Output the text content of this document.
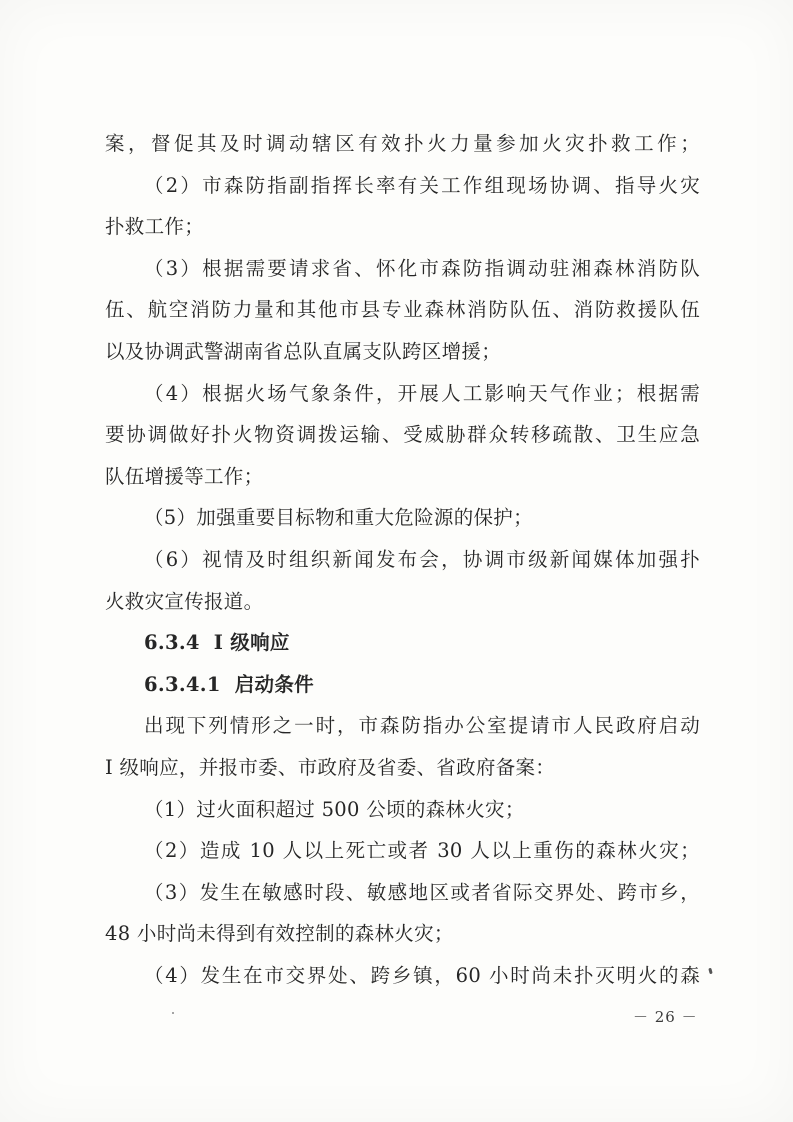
案，督促其及时调动辖区有效扑火力量参加火灾扑救工作；
（2）市森防指副指挥长率有关工作组现场协调、指导火灾
扑救工作；
（3）根据需要请求省、怀化市森防指调动驻湘森林消防队
伍、航空消防力量和其他市县专业森林消防队伍、消防救援队伍
以及协调武警湖南省总队直属支队跨区增援；
（4）根据火场气象条件，开展人工影响天气作业；根据需
要协调做好扑火物资调拨运输、受威胁群众转移疏散、卫生应急
队伍增援等工作；
（5）加强重要目标物和重大危险源的保护；
（6）视情及时组织新闻发布会，协调市级新闻媒体加强扑
火救灾宣传报道。
6.3.4 I 级响应
6.3.4.1 启动条件
出现下列情形之一时，市森防指办公室提请市人民政府启动
I 级响应，并报市委、市政府及省委、省政府备案：
（1）过火面积超过 500 公顷的森林火灾；
（2）造成 10 人以上死亡或者 30 人以上重伤的森林火灾；
（3）发生在敏感时段、敏感地区或者省际交界处、跨市乡，
48 小时尚未得到有效控制的森林火灾；
（4）发生在市交界处、跨乡镇，60 小时尚未扑灭明火的森
－ 26 －
